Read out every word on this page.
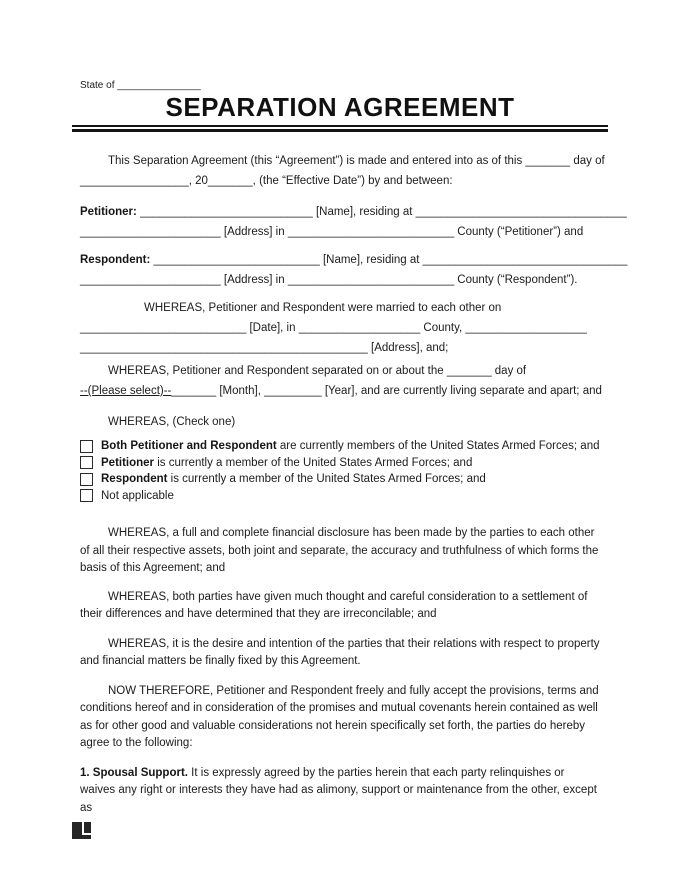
State of _______________
SEPARATION AGREEMENT

This Separation Agreement (this “Agreement”) is made and entered into as of this _______ day of
_________________, 20_______, (the “Effective Date”) by and between:

Petitioner: ___________________________ [Name], residing at _________________________________
______________________ [Address] in __________________________ County (“Petitioner”) and

Respondent: __________________________ [Name], residing at ________________________________
______________________ [Address] in __________________________ County (“Respondent”).

WHEREAS, Petitioner and Respondent were married to each other on
__________________________ [Date], in ___________________ County, ___________________
_____________________________________________ [Address], and;

WHEREAS, Petitioner and Respondent separated on or about the _______ day of
--(Please select)--_______ [Month], _________ [Year], and are currently living separate and apart; and

WHEREAS, (Check one)

Both Petitioner and Respondent are currently members of the United States Armed Forces; and
Petitioner is currently a member of the United States Armed Forces; and
Respondent is currently a member of the United States Armed Forces; and
Not applicable

WHEREAS, a full and complete financial disclosure has been made by the parties to each other of all their respective assets, both joint and separate, the accuracy and truthfulness of which forms the basis of this Agreement; and

WHEREAS, both parties have given much thought and careful consideration to a settlement of their differences and have determined that they are irreconcilable; and

WHEREAS, it is the desire and intention of the parties that their relations with respect to property and financial matters be finally fixed by this Agreement.

NOW THEREFORE, Petitioner and Respondent freely and fully accept the provisions, terms and conditions hereof and in consideration of the promises and mutual covenants herein contained as well as for other good and valuable considerations not herein specifically set forth, the parties do hereby agree to the following:

1. Spousal Support. It is expressly agreed by the parties herein that each party relinquishes or waives any right or interests they have had as alimony, support or maintenance from the other, except as
